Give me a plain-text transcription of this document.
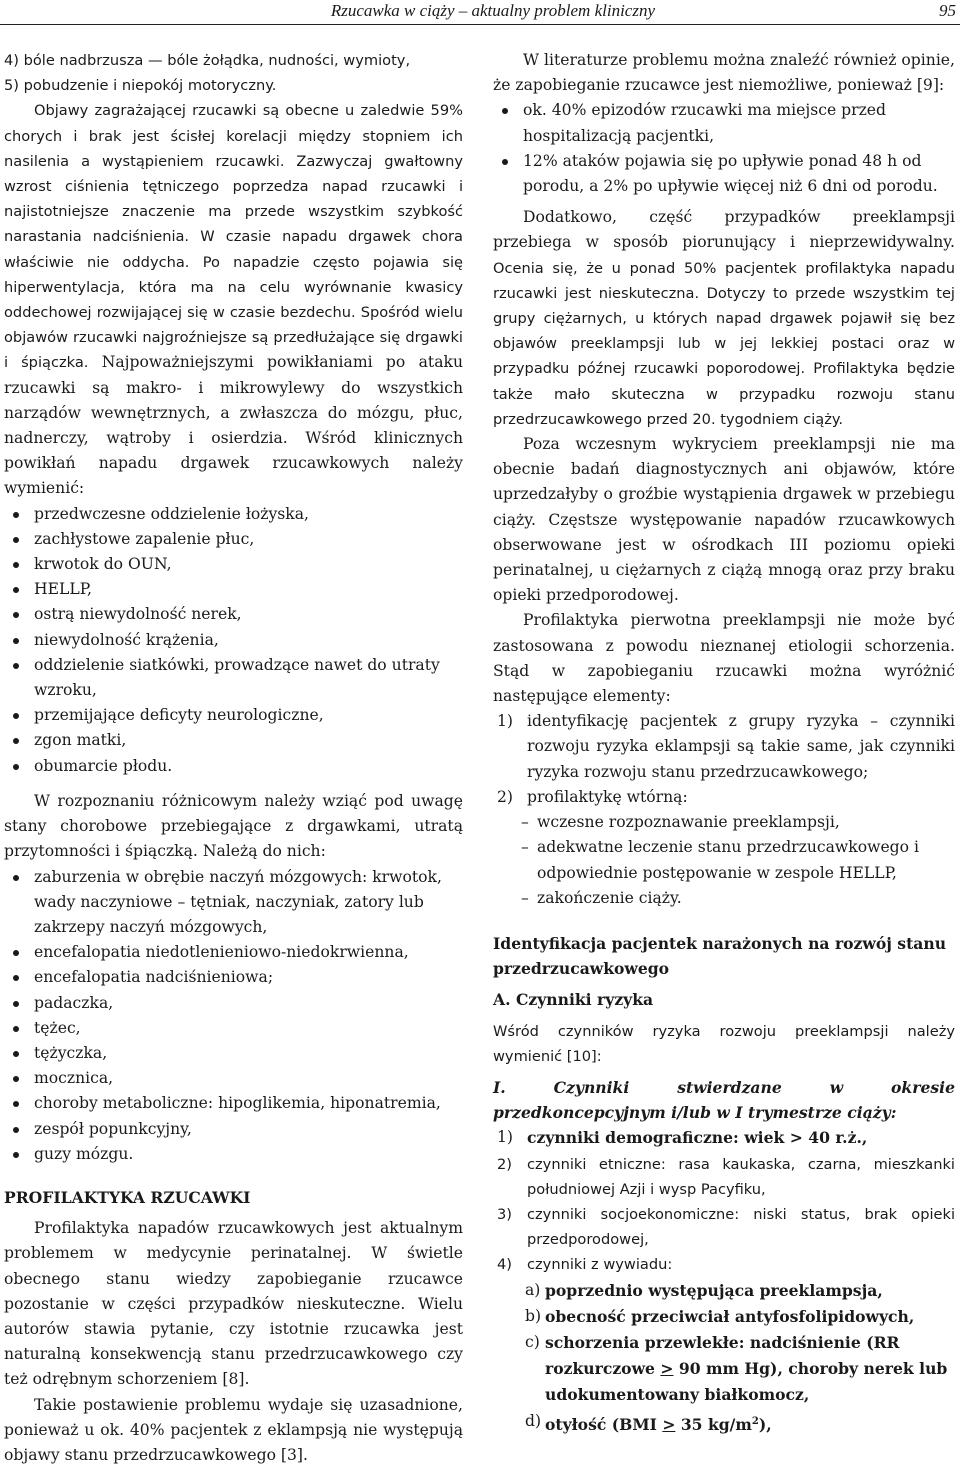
Rzucawka w ciąży – aktualny problem kliniczny	95

4) bóle nadbrzusza — bóle żołądka, nudności, wymioty,

5) pobudzenie i niepokój motoryczny.

Objawy zagrażającej rzucawki są obecne u zaledwie 59% chorych i brak jest ścisłej korelacji między stopniem ich nasilenia a wystąpieniem rzucawki. Zazwyczaj gwałtowny wzrost ciśnienia tętniczego poprzedza napad rzucawki i najistotniejsze znaczenie ma przede wszystkim szybkość narastania nadciśnienia. W czasie napadu drgawek chora właściwie nie oddycha. Po napadzie często pojawia się hiperwentylacja, która ma na celu wyrównanie kwasicy oddechowej rozwijającej się w czasie bezdechu. Spośród wielu objawów rzucawki najgroźniejsze są przedłużające się drgawki i śpiączka. Najpoważniejszymi powikłaniami po ataku rzucawki są makro- i mikrowylewy do wszystkich narządów wewnętrznych, a zwłaszcza do mózgu, płuc, nadnerczy, wątroby i osierdzia. Wśród klinicznych powikłań napadu drgawek rzucawkowych należy wymienić:

przedwczesne oddzielenie łożyska,
zachłystowe zapalenie płuc,
krwotok do OUN,
HELLP,
ostrą niewydolność nerek,
niewydolność krążenia,
oddzielenie siatkówki, prowadzące nawet do utraty wzroku,
przemijające deficyty neurologiczne,
zgon matki,
obumarcie płodu.

W rozpoznaniu różnicowym należy wziąć pod uwagę stany chorobowe przebiegające z drgawkami, utratą przytomności i śpiączką. Należą do nich:

zaburzenia w obrębie naczyń mózgowych: krwotok, wady naczyniowe – tętniak, naczyniak, zatory lub zakrzepy naczyń mózgowych,
encefalopatia niedotlenieniowo-niedokrwienna,
encefalopatia nadciśnieniowa;
padaczka,
tężec,
tężyczka,
mocznica,
choroby metaboliczne: hipoglikemia, hiponatremia,
zespół popunkcyjny,
guzy mózgu.
PROFILAKTYKA RZUCAWKI

Profilaktyka napadów rzucawkowych jest aktualnym problemem w medycynie perinatalnej. W świetle obecnego stanu wiedzy zapobieganie rzucawce pozostanie w części przypadków nieskuteczne. Wielu autorów stawia pytanie, czy istotnie rzucawka jest naturalną konsekwencją stanu przedrzucawkowego czy też odrębnym schorzeniem [8].

Takie postawienie problemu wydaje się uzasadnione, ponieważ u ok. 40% pacjentek z eklampsją nie występują objawy stanu przedrzucawkowego [3].

W literaturze problemu można znaleźć również opinie, że zapobieganie rzucawce jest niemożliwe, ponieważ [9]:

ok. 40% epizodów rzucawki ma miejsce przed hospitalizacją pacjentki,
12% ataków pojawia się po upływie ponad 48 h od porodu, a 2% po upływie więcej niż 6 dni od porodu.

Dodatkowo, część przypadków preeklampsji przebiega w sposób piorunujący i nieprzewidywalny. Ocenia się, że u ponad 50% pacjentek profilaktyka napadu rzucawki jest nieskuteczna. Dotyczy to przede wszystkim tej grupy ciężarnych, u których napad drgawek pojawił się bez objawów preeklampsji lub w jej lekkiej postaci oraz w przypadku późnej rzucawki poporodowej. Profilaktyka będzie także mało skuteczna w przypadku rozwoju stanu przedrzucawkowego przed 20. tygodniem ciąży.

Poza wczesnym wykryciem preeklampsji nie ma obecnie badań diagnostycznych ani objawów, które uprzedzałyby o groźbie wystąpienia drgawek w przebiegu ciąży. Częstsze występowanie napadów rzucawkowych obserwowane jest w ośrodkach III poziomu opieki perinatalnej, u ciężarnych z ciążą mnogą oraz przy braku opieki przedporodowej.

Profilaktyka pierwotna preeklampsji nie może być zastosowana z powodu nieznanej etiologii schorzenia. Stąd w zapobieganiu rzucawki można wyróżnić następujące elementy:

1) identyfikację pacjentek z grupy ryzyka – czynniki rozwoju ryzyka eklampsji są takie same, jak czynniki ryzyka rozwoju stanu przedrzucawkowego;
2) profilaktykę wtórną:
– wczesne rozpoznawanie preeklampsji,
– adekwatne leczenie stanu przedrzucawkowego i odpowiednie postępowanie w zespole HELLP,
– zakończenie ciąży.
Identyfikacja pacjentek narażonych na rozwój stanu przedrzucawkowego
A. Czynniki ryzyka

Wśród czynników ryzyka rozwoju preeklampsji należy wymienić [10]:

I. Czynniki stwierdzane w okresie przedkoncepcyjnym i/lub w I trymestrze ciąży:

1) czynniki demograficzne: wiek > 40 r.ż.,
2) czynniki etniczne: rasa kaukaska, czarna, mieszkanki południowej Azji i wysp Pacyfiku,
3) czynniki socjoekonomiczne: niski status, brak opieki przedporodowej,
4) czynniki z wywiadu:
a) poprzednio występująca preeklampsja,
b) obecność przeciwciał antyfosfolipidowych,
c) schorzenia przewlekłe: nadciśnienie (RR rozkurczowe ≥ 90 mm Hg), choroby nerek lub udokumentowany białkomocz,
d) otyłość (BMI ≥ 35 $kg/m^2$),
